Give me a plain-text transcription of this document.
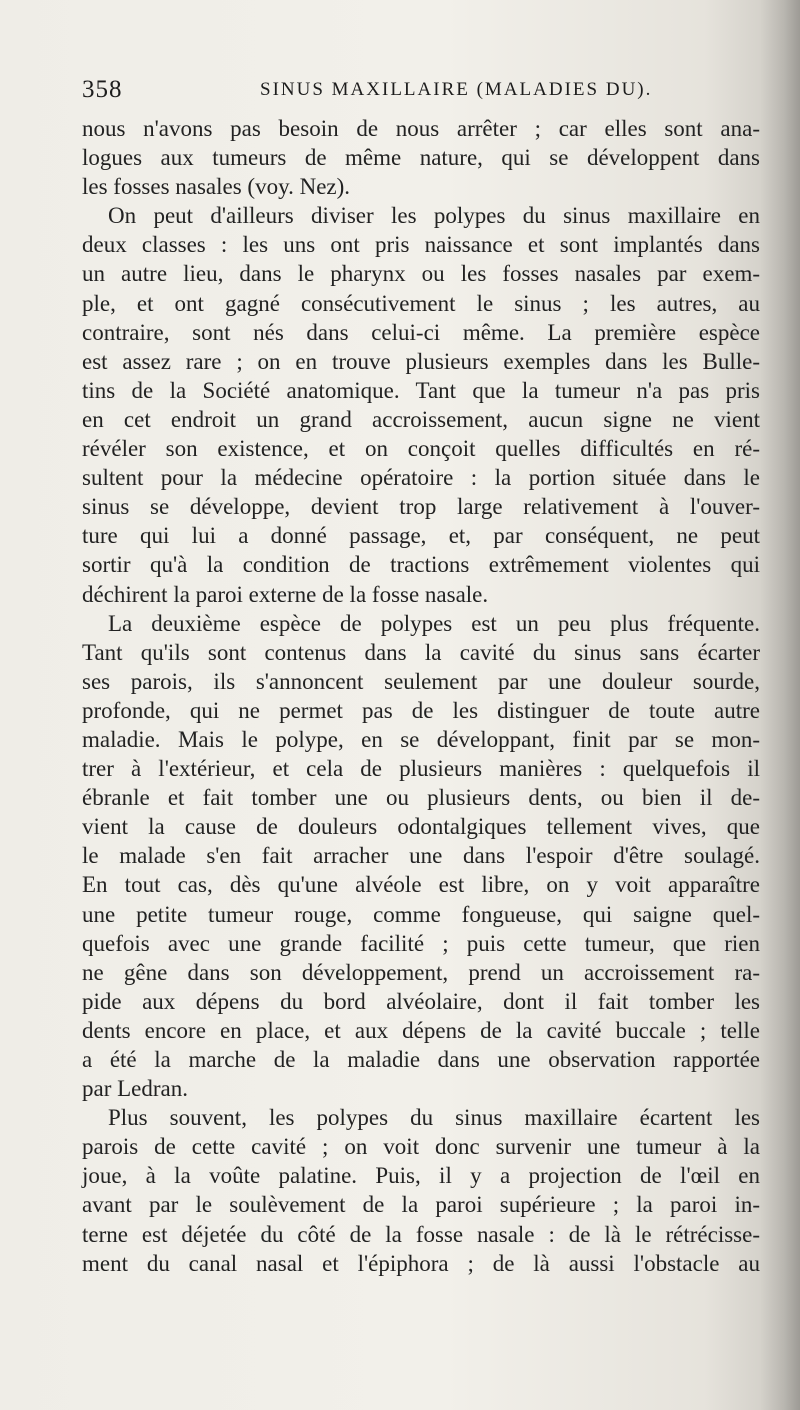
358	SINUS MAXILLAIRE (MALADIES DU).
nous n'avons pas besoin de nous arrêter ; car elles sont ana-
logues aux tumeurs de même nature, qui se développent dans
les fosses nasales (voy. Nez).
On peut d'ailleurs diviser les polypes du sinus maxillaire en
deux classes : les uns ont pris naissance et sont implantés dans
un autre lieu, dans le pharynx ou les fosses nasales par exem-
ple, et ont gagné consécutivement le sinus ; les autres, au
contraire, sont nés dans celui-ci même. La première espèce
est assez rare ; on en trouve plusieurs exemples dans les Bulle-
tins de la Société anatomique. Tant que la tumeur n'a pas pris
en cet endroit un grand accroissement, aucun signe ne vient
révéler son existence, et on conçoit quelles difficultés en ré-
sultent pour la médecine opératoire : la portion située dans le
sinus se développe, devient trop large relativement à l'ouver-
ture qui lui a donné passage, et, par conséquent, ne peut
sortir qu'à la condition de tractions extrêmement violentes qui
déchirent la paroi externe de la fosse nasale.
La deuxième espèce de polypes est un peu plus fréquente.
Tant qu'ils sont contenus dans la cavité du sinus sans écarter
ses parois, ils s'annoncent seulement par une douleur sourde,
profonde, qui ne permet pas de les distinguer de toute autre
maladie. Mais le polype, en se développant, finit par se mon-
trer à l'extérieur, et cela de plusieurs manières : quelquefois il
ébranle et fait tomber une ou plusieurs dents, ou bien il de-
vient la cause de douleurs odontalgiques tellement vives, que
le malade s'en fait arracher une dans l'espoir d'être soulagé.
En tout cas, dès qu'une alvéole est libre, on y voit apparaître
une petite tumeur rouge, comme fongueuse, qui saigne quel-
quefois avec une grande facilité ; puis cette tumeur, que rien
ne gêne dans son développement, prend un accroissement ra-
pide aux dépens du bord alvéolaire, dont il fait tomber les
dents encore en place, et aux dépens de la cavité buccale ; telle
a été la marche de la maladie dans une observation rapportée
par Ledran.
Plus souvent, les polypes du sinus maxillaire écartent les
parois de cette cavité ; on voit donc survenir une tumeur à la
joue, à la voûte palatine. Puis, il y a projection de l'œil en
avant par le soulèvement de la paroi supérieure ; la paroi in-
terne est déjetée du côté de la fosse nasale : de là le rétrécisse-
ment du canal nasal et l'épiphora ; de là aussi l'obstacle au
